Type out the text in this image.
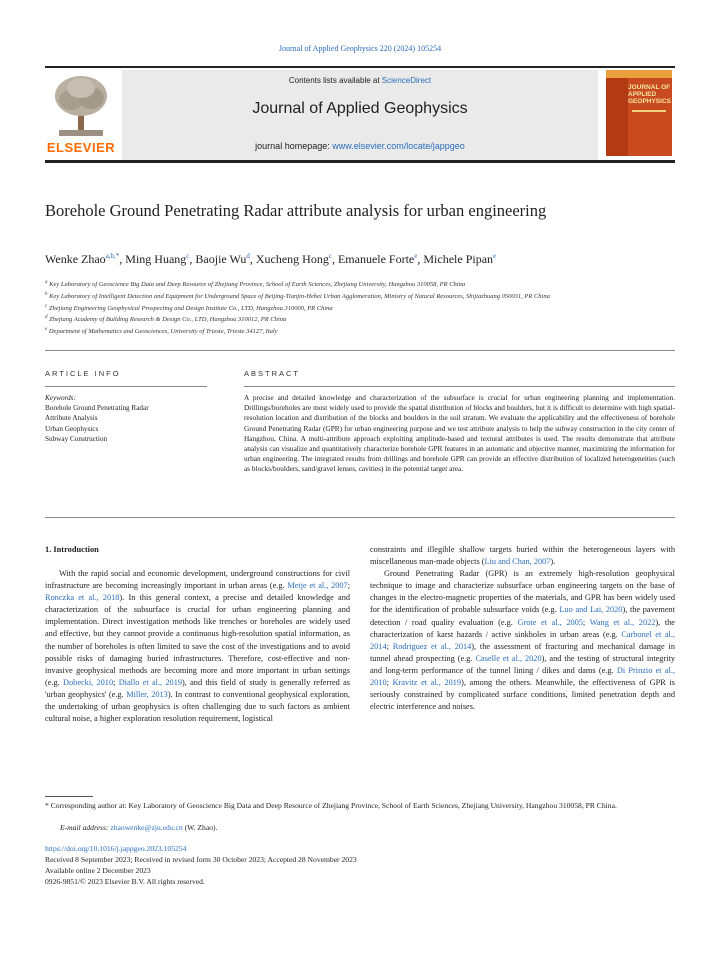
Journal of Applied Geophysics 220 (2024) 105254
ELSEVIER
Contents lists available at ScienceDirect
Journal of Applied Geophysics
journal homepage: www.elsevier.com/locate/jappgeo
JOURNAL OF APPLIED GEOPHYSICS
Borehole Ground Penetrating Radar attribute analysis for urban engineering
Wenke Zhao$^{a,b,*}$, Ming Huang$^c$, Baojie Wu$^d$, Xucheng Hong$^c$, Emanuele Forte$^e$, Michele Pipan$^e$
$^a$ Key Laboratory of Geoscience Big Data and Deep Resource of Zhejiang Province, School of Earth Sciences, Zhejiang University, Hangzhou 310058, PR China
$^b$ Key Laboratory of Intelligent Detection and Equipment for Underground Space of Beijing-Tianjin-Hebei Urban Agglomeration, Ministry of Natural Resources, Shijiazhuang 050031, PR China
$^c$ Zhejiang Engineering Geophysical Prospecting and Design Institute Co., LTD, Hangzhou 310000, PR China
$^d$ Zhejiang Academy of Building Research & Design Co., LTD, Hangzhou 310012, PR China
$^e$ Department of Mathematics and Geosciences, University of Trieste, Trieste 34127, Italy
ARTICLE INFO	ABSTRACT
Keywords:
Borehole Ground Penetrating Radar
Attribute Analysis
Urban Geophysics
Subway Construction
A precise and detailed knowledge and characterization of the subsurface is crucial for urban engineering planning and implementation. Drillings/boreholes are most widely used to provide the spatial distribution of blocks and boulders, but it is difficult to determine with high spatial-resolution location and distribution of the blocks and boulders in the soil stratum. We evaluate the applicability and the effectiveness of borehole Ground Penetrating Radar (GPR) for urban engineering purpose and we test attribute analysis to help the subway construction in the city center of Hangzhou, China. A multi-attribute approach exploiting amplitude-based and textural attributes is used. The results demonstrate that attribute analysis can visualize and quantitatively characterize borehole GPR features in an automatic and objective manner, maximizing the information for urban engineering. The integrated results from drillings and borehole GPR can provide an effective distribution of localized heterogeneities (such as blocks/boulders, sand/gravel lenses, cavities) in the potential target area.
1. Introduction

With the rapid social and economic development, underground constructions for civil infrastructure are becoming increasingly important in urban areas (e.g. Metje et al., 2007; Ronczka et al., 2018). In this general context, a precise and detailed knowledge and characterization of the subsurface is crucial for urban engineering planning and implementation. Direct investigation methods like trenches or boreholes are widely used and effective, but they cannot provide a continuous high-resolution spatial information, as the number of boreholes is often limited to save the cost of the investigations and to avoid possible risks of damaging buried infrastructures. Therefore, cost-effective and non-invasive geophysical methods are becoming more and more important in urban settings (e.g. Dobecki, 2010; Diallo et al., 2019), and this field of study is generally referred as 'urban geophysics' (e.g. Miller, 2013). In contrast to conventional geophysical exploration, the undertaking of urban geophysics is often challenging due to such factors as ambient cultural noise, a higher exploration resolution requirement, logistical

constraints and illegible shallow targets buried within the heterogeneous layers with miscellaneous man-made objects (Liu and Chan, 2007).

Ground Penetrating Radar (GPR) is an extremely high-resolution geophysical technique to image and characterize subsurface urban engineering targets on the base of changes in the electro-magnetic properties of the materials, and GPR has been widely used for the identification of probable subsurface voids (e.g. Luo and Lai, 2020), the pavement detection / road quality evaluation (e.g. Grote et al., 2005; Wang et al., 2022), the characterization of karst hazards / active sinkholes in urban areas (e.g. Carbonel et al., 2014; Rodriguez et al., 2014), the assessment of fracturing and mechanical damage in tunnel ahead prospecting (e.g. Caselle et al., 2020), and the testing of structural integrity and long-term performance of the tunnel lining / dikes and dams (e.g. Di Prinzio et al., 2010; Kravitz et al., 2019), among the others. Meanwhile, the effectiveness of GPR is seriously constrained by complicated surface conditions, limited penetration depth and electric interference and noises.

* Corresponding author at: Key Laboratory of Geoscience Big Data and Deep Resource of Zhejiang Province, School of Earth Sciences, Zhejiang University, Hangzhou 310058, PR China.
E-mail address: zhaowenke@zju.edu.cn (W. Zhao).
https://doi.org/10.1016/j.jappgeo.2023.105254
Received 8 September 2023; Received in revised form 30 October 2023; Accepted 28 November 2023
Available online 2 December 2023
0926-9851/© 2023 Elsevier B.V. All rights reserved.
